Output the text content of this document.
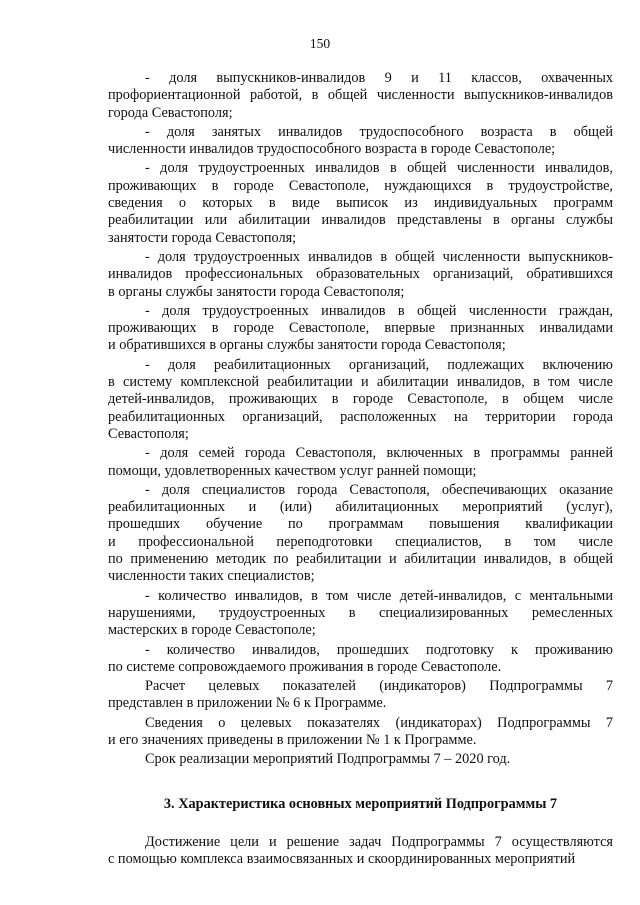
150
- доля выпускников-инвалидов 9 и 11 классов, охваченных
профориентационной работой, в общей численности выпускников-инвалидов
города Севастополя;
- доля занятых инвалидов трудоспособного возраста в общей
численности инвалидов трудоспособного возраста в городе Севастополе;
- доля трудоустроенных инвалидов в общей численности инвалидов,
проживающих в городе Севастополе, нуждающихся в трудоустройстве,
сведения о которых в виде выписок из индивидуальных программ
реабилитации или абилитации инвалидов представлены в органы службы
занятости города Севастополя;
- доля трудоустроенных инвалидов в общей численности выпускников-
инвалидов профессиональных образовательных организаций, обратившихся
в органы службы занятости города Севастополя;
- доля трудоустроенных инвалидов в общей численности граждан,
проживающих в городе Севастополе, впервые признанных инвалидами
и обратившихся в органы службы занятости города Севастополя;
- доля реабилитационных организаций, подлежащих включению
в систему комплексной реабилитации и абилитации инвалидов, в том числе
детей-инвалидов, проживающих в городе Севастополе, в общем числе
реабилитационных организаций, расположенных на территории города
Севастополя;
- доля семей города Севастополя, включенных в программы ранней
помощи, удовлетворенных качеством услуг ранней помощи;
- доля специалистов города Севастополя, обеспечивающих оказание
реабилитационных и (или) абилитационных мероприятий (услуг),
прошедших обучение по программам повышения квалификации
и профессиональной переподготовки специалистов, в том числе
по применению методик по реабилитации и абилитации инвалидов, в общей
численности таких специалистов;
- количество инвалидов, в том числе детей-инвалидов, с ментальными
нарушениями, трудоустроенных в специализированных ремесленных
мастерских в городе Севастополе;
- количество инвалидов, прошедших подготовку к проживанию
по системе сопровождаемого проживания в городе Севастополе.
Расчет целевых показателей (индикаторов) Подпрограммы 7
представлен в приложении № 6 к Программе.
Сведения о целевых показателях (индикаторах) Подпрограммы 7
и его значениях приведены в приложении № 1 к Программе.
Срок реализации мероприятий Подпрограммы 7 – 2020 год.
3. Характеристика основных мероприятий Подпрограммы 7
Достижение цели и решение задач Подпрограммы 7 осуществляются
с помощью комплекса взаимосвязанных и скоординированных мероприятий
